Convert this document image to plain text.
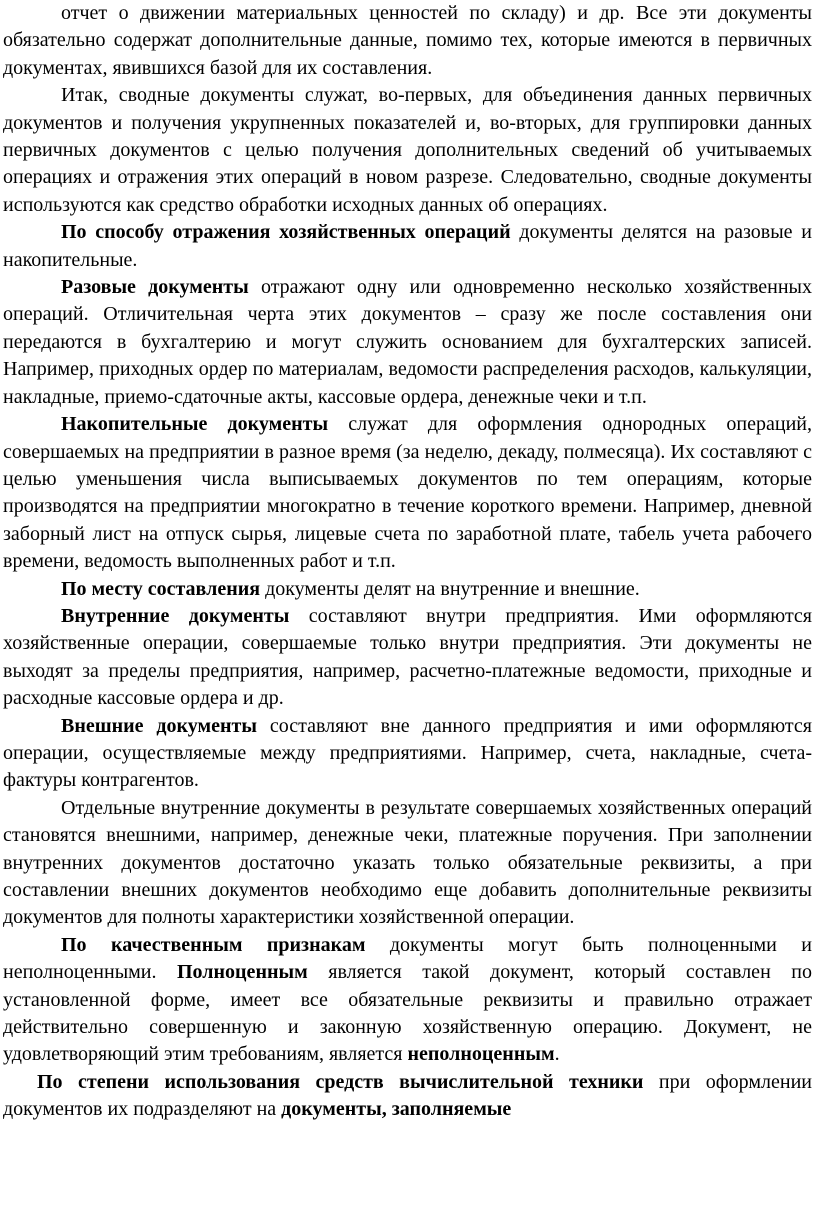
отчет о движении материальных ценностей по складу) и др. Все эти документы обязательно содержат дополнительные данные, помимо тех, которые имеются в первичных документах, явившихся базой для их составления.

Итак, сводные документы служат, во-первых, для объединения данных первичных документов и получения укрупненных показателей и, во-вторых, для группировки данных первичных документов с целью получения дополнительных сведений об учитываемых операциях и отражения этих операций в новом разрезе. Следовательно, сводные документы используются как средство обработки исходных данных об операциях.

По способу отражения хозяйственных операций документы делятся на разовые и накопительные.

Разовые документы отражают одну или одновременно несколько хозяйственных операций. Отличительная черта этих документов – сразу же после составления они передаются в бухгалтерию и могут служить основанием для бухгалтерских записей. Например, приходных ордер по материалам, ведомости распределения расходов, калькуляции, накладные, приемо-сдаточные акты, кассовые ордера, денежные чеки и т.п.

Накопительные документы служат для оформления однородных операций, совершаемых на предприятии в разное время (за неделю, декаду, полмесяца). Их составляют с целью уменьшения числа выписываемых документов по тем операциям, которые производятся на предприятии многократно в течение короткого времени. Например, дневной заборный лист на отпуск сырья, лицевые счета по заработной плате, табель учета рабочего времени, ведомость выполненных работ и т.п.

По месту составления документы делят на внутренние и внешние.

Внутренние документы составляют внутри предприятия. Ими оформляются хозяйственные операции, совершаемые только внутри предприятия. Эти документы не выходят за пределы предприятия, например, расчетно-платежные ведомости, приходные и расходные кассовые ордера и др.

Внешние документы составляют вне данного предприятия и ими оформляются операции, осуществляемые между предприятиями. Например, счета, накладные, счета-фактуры контрагентов.

Отдельные внутренние документы в результате совершаемых хозяйственных операций становятся внешними, например, денежные чеки, платежные поручения. При заполнении внутренних документов достаточно указать только обязательные реквизиты, а при составлении внешних документов необходимо еще добавить дополнительные реквизиты документов для полноты характеристики хозяйственной операции.

По качественным признакам документы могут быть полноценными и неполноценными. Полноценным является такой документ, который составлен по установленной форме, имеет все обязательные реквизиты и правильно отражает действительно совершенную и законную хозяйственную операцию. Документ, не удовлетворяющий этим требованиям, является неполноценным.

По степени использования средств вычислительной техники при оформлении документов их подразделяют на документы, заполняемые
